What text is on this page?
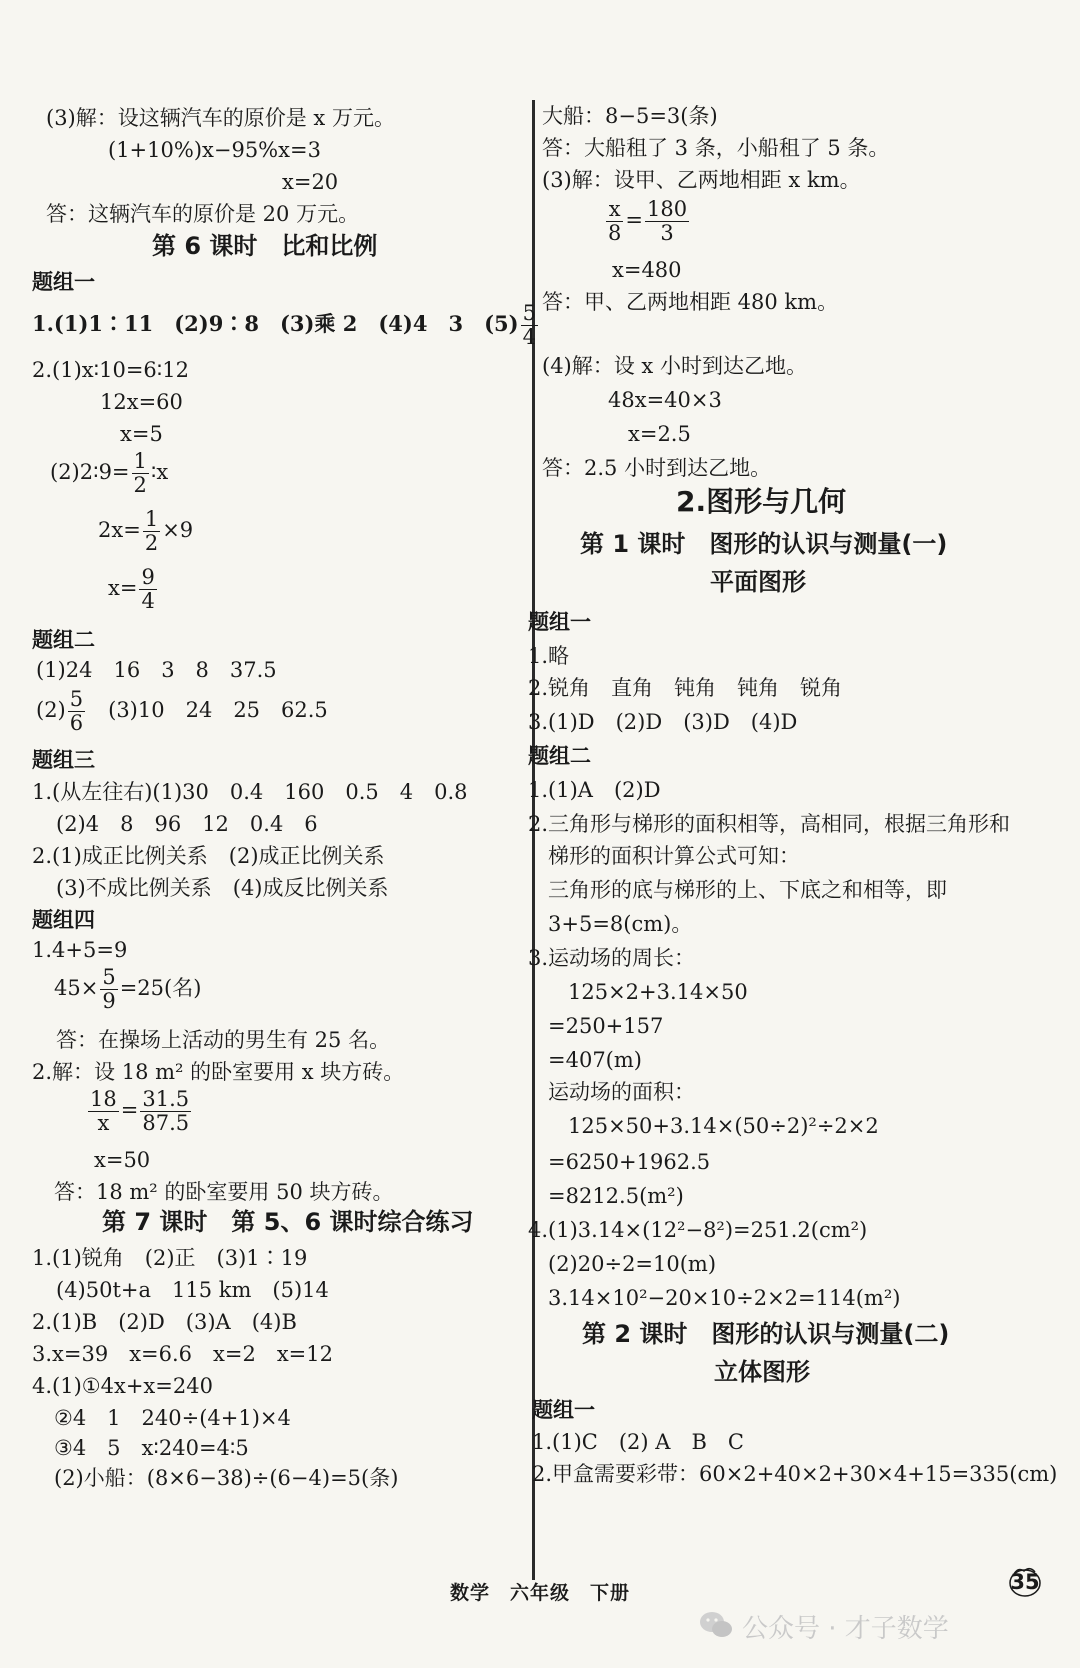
(3)解：设这辆汽车的原价是 x 万元。
(1+10%)x−95%x=3
x=20
答：这辆汽车的原价是 20 万元。
第 6 课时　比和比例
题组一
1.(1)1∶11　(2)9∶8　(3)乘 2　(4)4　3　$(5) \frac{5}{4}$
2.(1)x∶10=6∶12
12x=60
x=5
(2)2∶9= $\frac{1}{2}$ ∶x
$2x= \frac{1}{2} \times 9$
$x= \frac{9}{4}$
题组二
(1)24　16　3　8　37.5
$(2) \frac{5}{6}$ 　(3)10　24　25　62.5
题组三
1.(从左往右)(1)30　0.4　160　0.5　4　0.8
(2)4　8　96　12　0.4　6
2.(1)成正比例关系　(2)成正比例关系
(3)不成比例关系　(4)成反比例关系
题组四
1.4+5=9
$45\times \frac{5}{9} =25$(名)
答：在操场上活动的男生有 25 名。
2.解：设 18 m² 的卧室要用 x 块方砖。
$\frac{18}{x} = \frac{31.5}{87.5}$
x=50
答：18 m² 的卧室要用 50 块方砖。
第 7 课时　第 5、6 课时综合练习
1.(1)锐角　(2)正　(3)1∶19
(4)50t+a　115 km　(5)14
2.(1)B　(2)D　(3)A　(4)B
3.x=39　x=6.6　x=2　x=12
4.(1)①4x+x=240
②4　1　240÷(4+1)×4
③4　5　x∶240=4∶5
(2)小船：(8×6−38)÷(6−4)=5(条)
大船：8−5=3(条)
答：大船租了 3 条，小船租了 5 条。
(3)解：设甲、乙两地相距 x km。
$\frac{x}{8} = \frac{180}{3}$
x=480
答：甲、乙两地相距 480 km。
(4)解：设 x 小时到达乙地。
48x=40×3
x=2.5
答：2.5 小时到达乙地。
2.图形与几何
第 1 课时　图形的认识与测量(一)
平面图形
题组一
1.略
2.锐角　直角　钝角　钝角　锐角
3.(1)D　(2)D　(3)D　(4)D
题组二
1.(1)A　(2)D
2.三角形与梯形的面积相等，高相同，根据三角形和
梯形的面积计算公式可知：
三角形的底与梯形的上、下底之和相等，即
3+5=8(cm)。
3.运动场的周长：
125×2+3.14×50
=250+157
=407(m)
运动场的面积：
125×50+3.14×(50÷2)²÷2×2
=6250+1962.5
=8212.5(m²)
4.(1)3.14×(12²−8²)=251.2(cm²)
(2)20÷2=10(m)
3.14×10²−20×10÷2×2=114(m²)
第 2 课时　图形的认识与测量(二)
立体图形
题组一
1.(1)C　(2) A　B　C
2.甲盒需要彩带：60×2+40×2+30×4+15=335(cm)
数学　六年级　下册	35
公众号 · 才子数学
